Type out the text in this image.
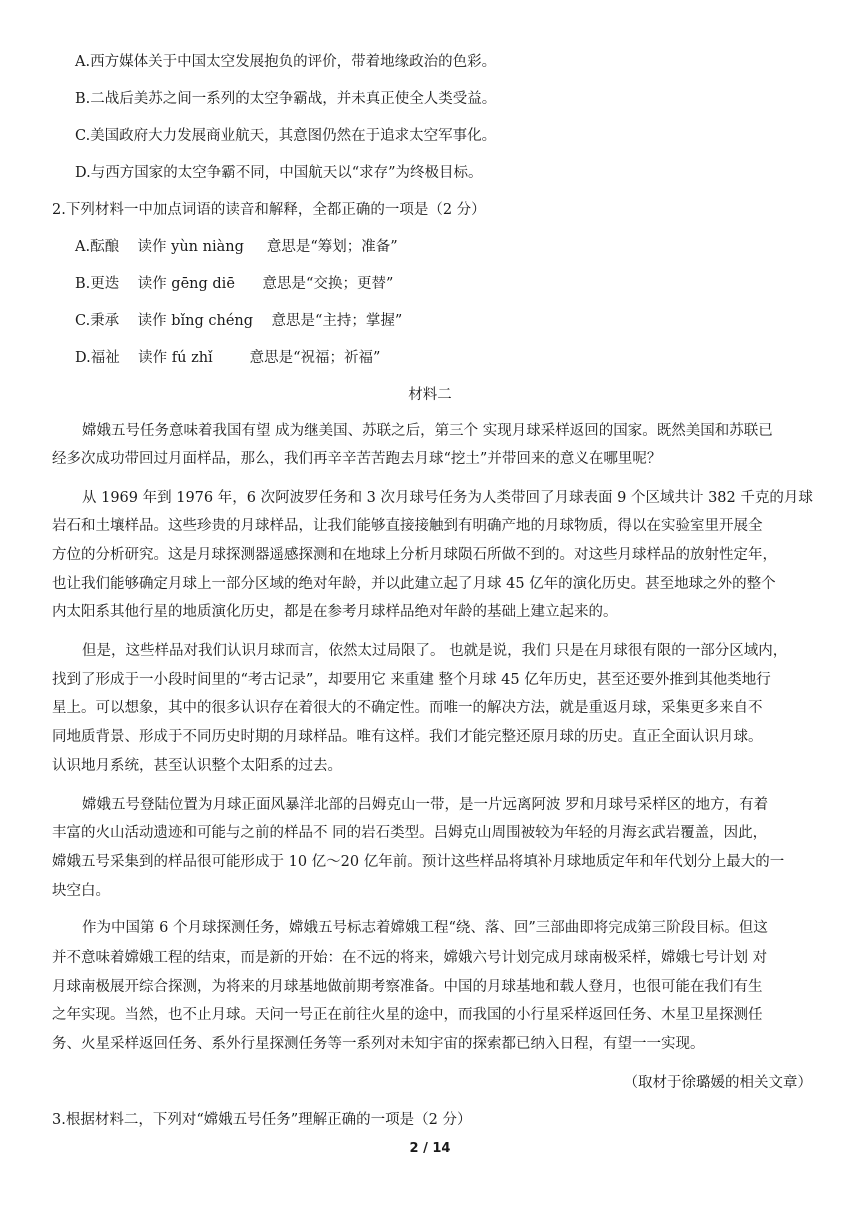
A.西方媒体关于中国太空发展抱负的评价，带着地缘政治的色彩。
B.二战后美苏之间一系列的太空争霸战，并未真正使全人类受益。
C.美国政府大力发展商业航天，其意图仍然在于追求太空军事化。
D.与西方国家的太空争霸不同，中国航天以“求存”为终极目标。
2.下列材料一中加点词语的读音和解释，全都正确的一项是（2 分）
A.酝酿    读作 yùn niàng     意思是“筹划；准备”
B.更迭    读作 gēng diē      意思是“交换；更替”
C.秉承    读作 bǐng chéng    意思是“主持；掌握”
D.福祉    读作 fú zhǐ        意思是“祝福；祈福”
材料二
嫦娥五号任务意味着我国有望 成为继美国、苏联之后，第三个 实现月球采样返回的国家。既然美国和苏联已
经多次成功带回过月面样品，那么，我们再辛辛苦苦跑去月球“挖土”并带回来的意义在哪里呢？
从 1969 年到 1976 年，6 次阿波罗任务和 3 次月球号任务为人类带回了月球表面 9 个区域共计 382 千克的月球
岩石和土壤样品。这些珍贵的月球样品，让我们能够直接接触到有明确产地的月球物质，得以在实验室里开展全
方位的分析研究。这是月球探测器遥感探测和在地球上分析月球陨石所做不到的。对这些月球样品的放射性定年，
也让我们能够确定月球上一部分区域的绝对年龄，并以此建立起了月球 45 亿年的演化历史。甚至地球之外的整个
内太阳系其他行星的地质演化历史，都是在参考月球样品绝对年龄的基础上建立起来的。
但是，这些样品对我们认识月球而言，依然太过局限了。 也就是说，我们 只是在月球很有限的一部分区域内，
找到了形成于一小段时间里的“考古记录”，却要用它 来重建 整个月球 45 亿年历史，甚至还要外推到其他类地行
星上。可以想象，其中的很多认识存在着很大的不确定性。而唯一的解决方法，就是重返月球，采集更多来自不
同地质背景、形成于不同历史时期的月球样品。唯有这样。我们才能完整还原月球的历史。直正全面认识月球。
认识地月系统，甚至认识整个太阳系的过去。
嫦娥五号登陆位置为月球正面风暴洋北部的吕姆克山一带，是一片远离阿波 罗和月球号采样区的地方，有着
丰富的火山活动遗迹和可能与之前的样品不 同的岩石类型。吕姆克山周围被较为年轻的月海玄武岩覆盖，因此，
嫦娥五号采集到的样品很可能形成于 10 亿～20 亿年前。预计这些样品将填补月球地质定年和年代划分上最大的一
块空白。
作为中国第 6 个月球探测任务，嫦娥五号标志着嫦娥工程“绕、落、回”三部曲即将完成第三阶段目标。但这
并不意味着嫦娥工程的结束，而是新的开始：在不远的将来，嫦娥六号计划完成月球南极采样，嫦娥七号计划 对
月球南极展开综合探测，为将来的月球基地做前期考察准备。中国的月球基地和载人登月，也很可能在我们有生
之年实现。当然，也不止月球。天问一号正在前往火星的途中，而我国的小行星采样返回任务、木星卫星探测任
务、火星采样返回任务、系外行星探测任务等一系列对未知宇宙的探索都已纳入日程，有望一一实现。
（取材于徐璐媛的相关文章）
3.根据材料二，下列对“嫦娥五号任务”理解正确的一项是（2 分）
2 / 14
